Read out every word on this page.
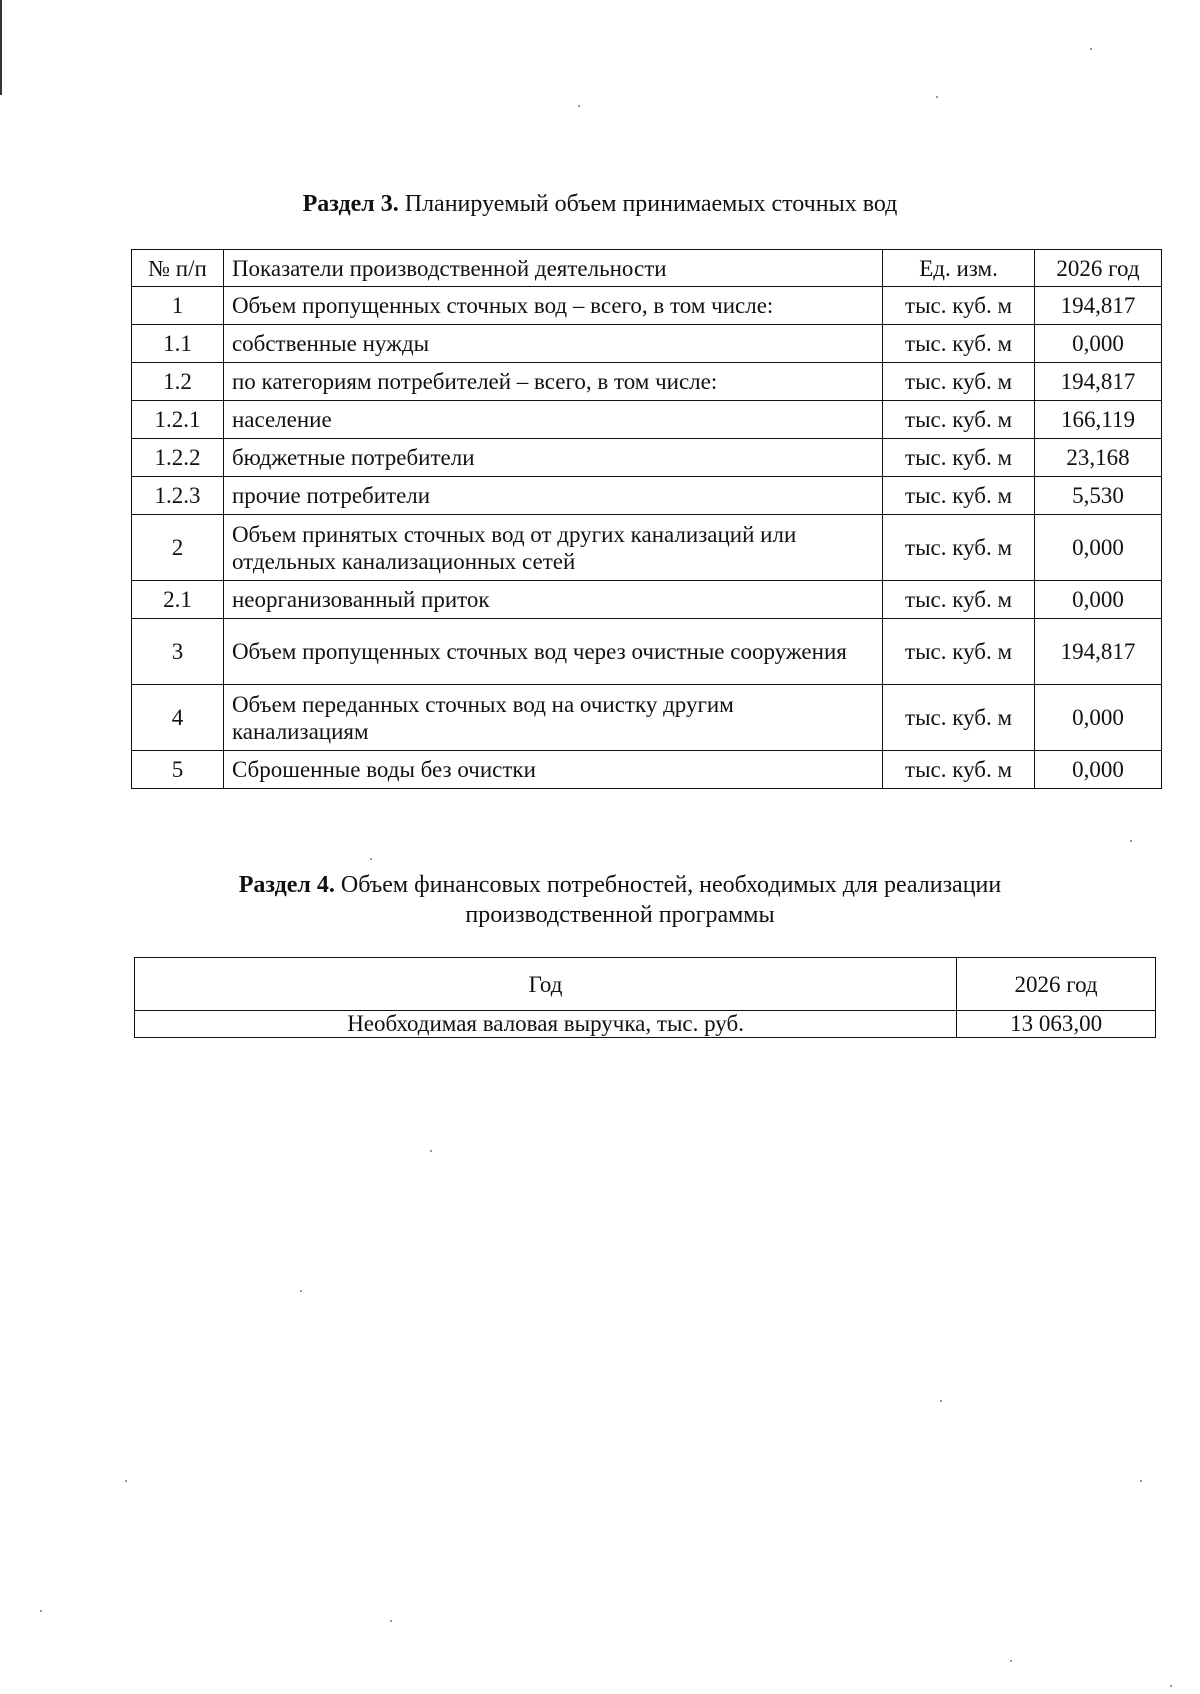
Раздел 3. Планируемый объем принимаемых сточных вод
№ п/п	Показатели производственной деятельности	Ед. изм.	2026 год
1	Объем пропущенных сточных вод – всего, в том числе:	тыс. куб. м	194,817
1.1	собственные нужды	тыс. куб. м	0,000
1.2	по категориям потребителей – всего, в том числе:	тыс. куб. м	194,817
1.2.1	население	тыс. куб. м	166,119
1.2.2	бюджетные потребители	тыс. куб. м	23,168
1.2.3	прочие потребители	тыс. куб. м	5,530
2	Объем принятых сточных вод от других канализаций или отдельных канализационных сетей	тыс. куб. м	0,000
2.1	неорганизованный приток	тыс. куб. м	0,000
3	Объем пропущенных сточных вод через очистные сооружения	тыс. куб. м	194,817
4	Объем переданных сточных вод на очистку другим канализациям	тыс. куб. м	0,000
5	Сброшенные воды без очистки	тыс. куб. м	0,000
Раздел 4. Объем финансовых потребностей, необходимых для реализации производственной программы
Год	2026 год
Необходимая валовая выручка, тыс. руб.	13 063,00
